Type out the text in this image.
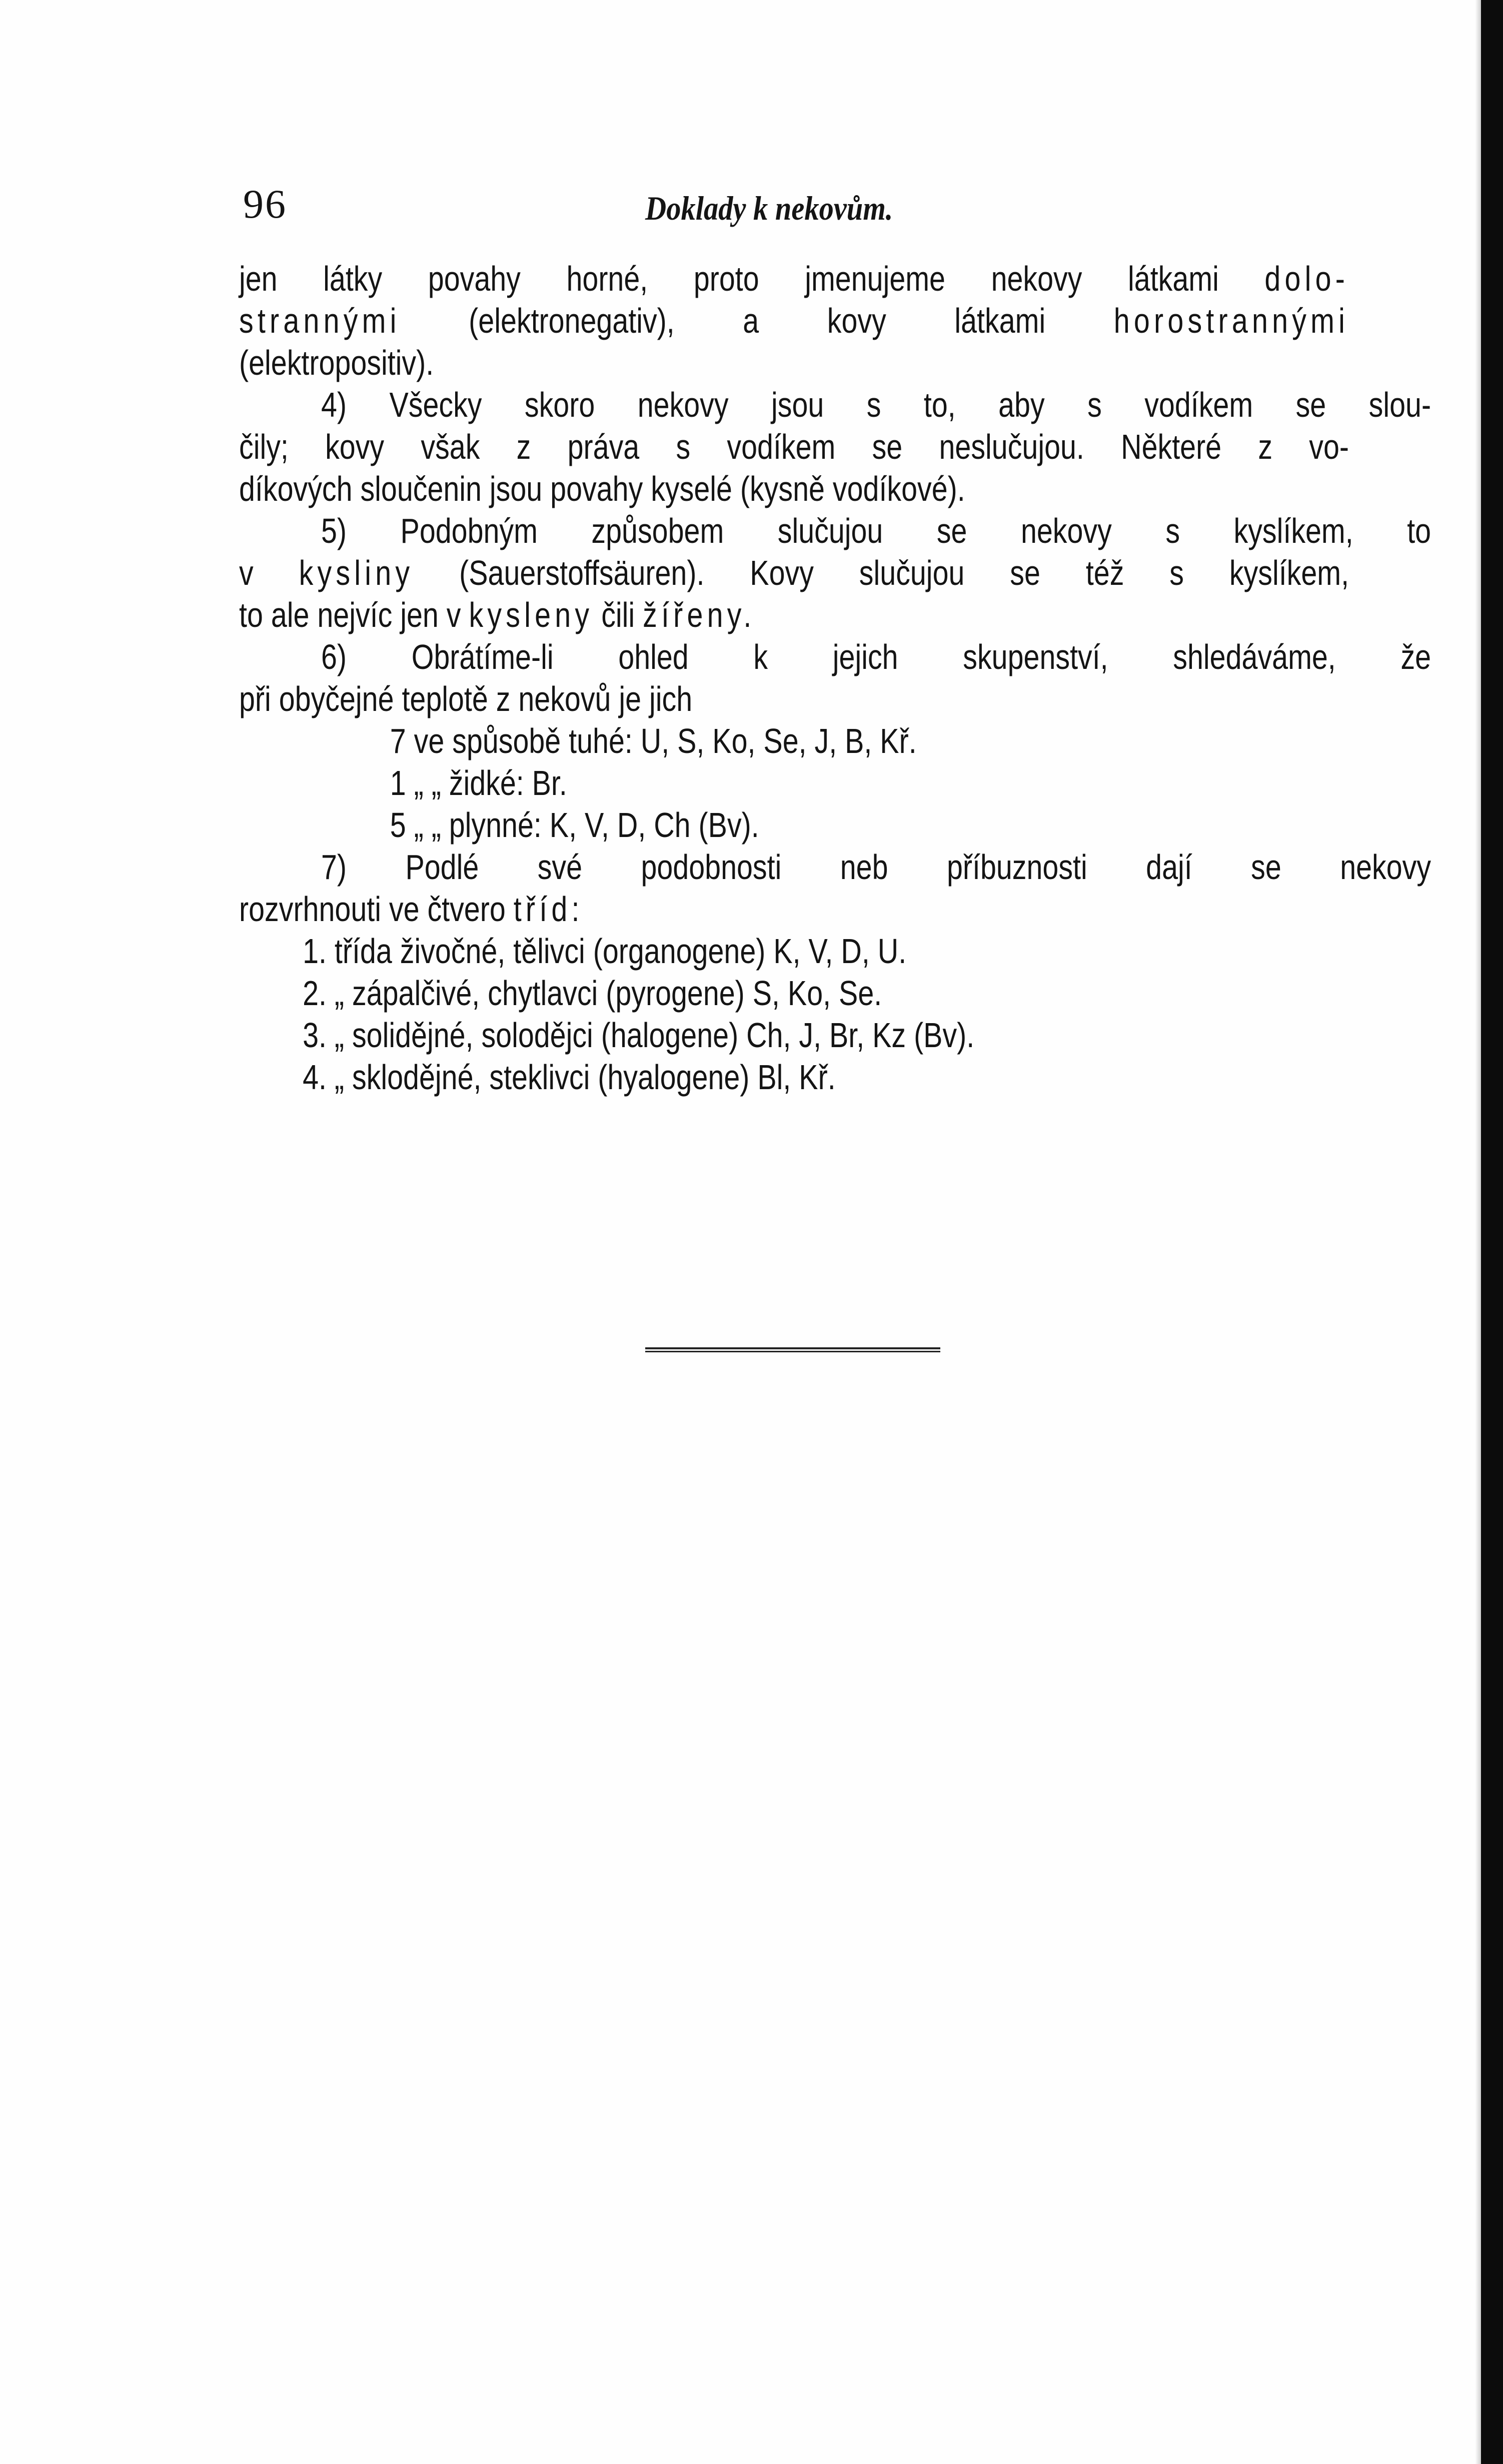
96	Doklady k nekovům.
jen látky povahy horné, proto jmenujeme nekovy látkami dolo-
strannými (elektronegativ), a kovy látkami horostrannými
(elektropositiv).
4) Všecky skoro nekovy jsou s to, aby s vodíkem se slou-
čily; kovy však z práva s vodíkem se neslučujou. Některé z vo-
díkových sloučenin jsou povahy kyselé (kysně vodíkové).
5) Podobným způsobem slučujou se nekovy s kyslíkem, to
v kysliny (Sauerstoffsäuren). Kovy slučujou se též s kyslíkem,
to ale nejvíc jen v kysleny čili žířeny.
6) Obrátíme-li ohled k jejich skupenství, shledáváme, že
při obyčejné teplotě z nekovů je jich
7 ve spůsobě tuhé: U, S, Ko, Se, J, B, Kř.
1 „ „ židké: Br.
5 „ „ plynné: K, V, D, Ch (Bv).
7) Podlé své podobnosti neb příbuznosti dají se nekovy
rozvrhnouti ve čtvero tříd:
1. třída živočné, tělivci (organogene) K, V, D, U.
2. „ zápalčivé, chytlavci (pyrogene) S, Ko, Se.
3. „ solidějné, solodějci (halogene) Ch, J, Br, Kz (Bv).
4. „ sklodějné, steklivci (hyalogene) Bl, Kř.
